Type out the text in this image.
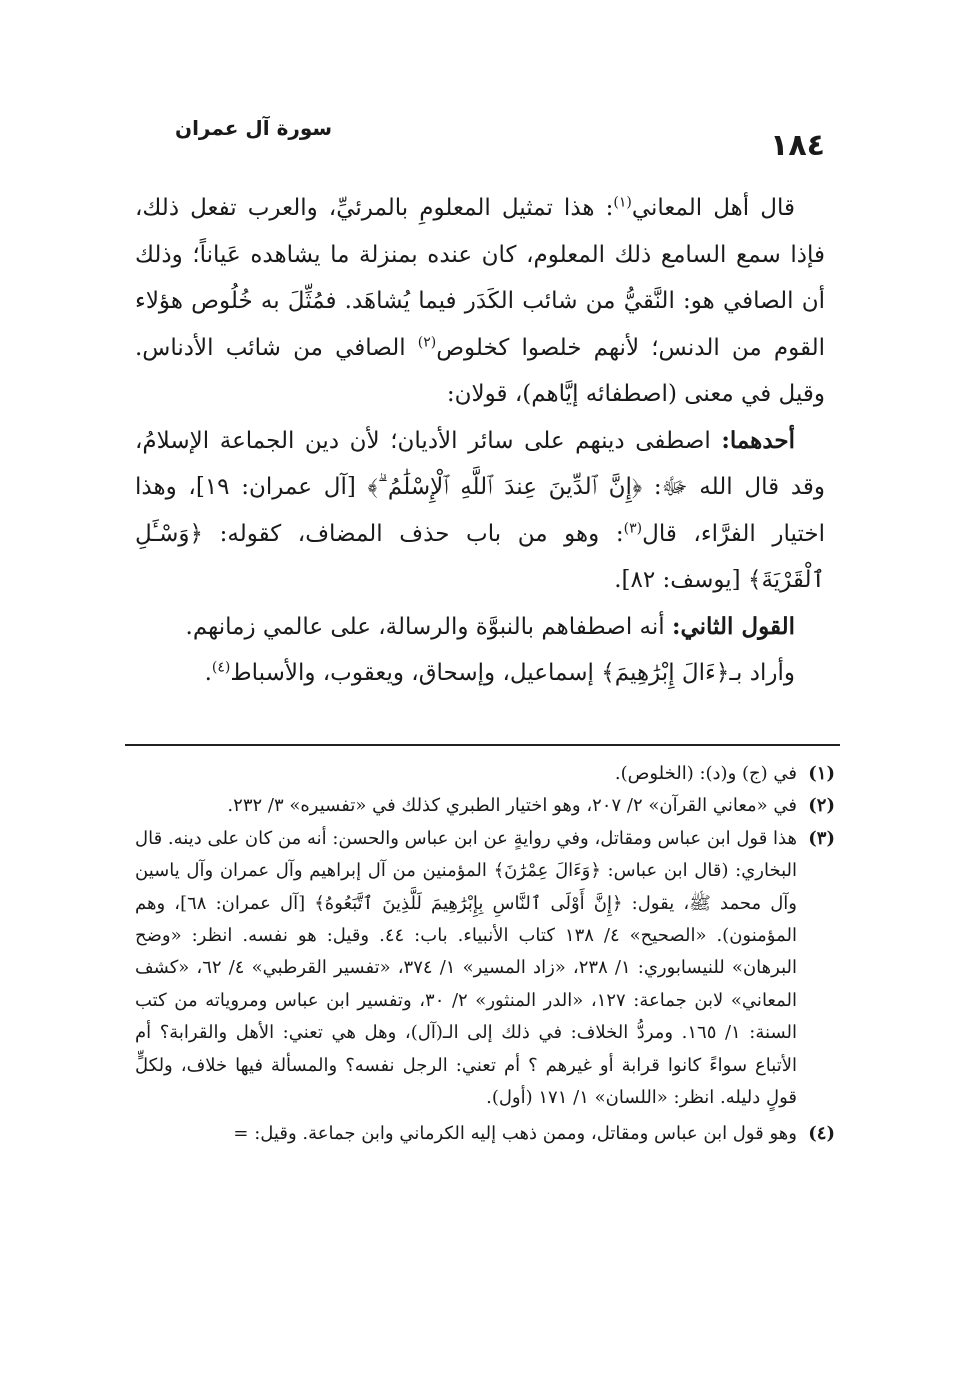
١٨٤
سورة آل عمران

قال أهل المعاني$^{(١)}$: هذا تمثيل المعلومِ بالمرئيِّ، والعرب تفعل ذلك، فإذا سمع السامع ذلك المعلوم، كان عنده بمنزلة ما يشاهده عَياناً؛ وذلك أن الصافي هو: النَّقيُّ من شائب الكَدَر فيما يُشاهَد. فمُثِّلَ به خُلُوص هؤلاء القوم من الدنس؛ لأنهم خلصوا كخلوص$^{(٢)}$ الصافي من شائب الأدناس. وقيل في معنى (اصطفائه إيَّاهم)، قولان:

أحدهما: اصطفى دينهم على سائر الأديان؛ لأن دين الجماعة الإسلامُ، وقد قال الله ﷻ: ﴿إِنَّ ٱلدِّينَ عِندَ ٱللَّهِ ٱلْإِسْلَٰمُ ۗ﴾ [آل عمران: ١٩]، وهذا اختيار الفرَّاء، قال$^{(٣)}$: وهو من باب حذف المضاف، كقوله: ﴿وَسْـَٔلِ ٱلْقَرْيَةَ﴾ [يوسف: ٨٢].

القول الثاني: أنه اصطفاهم بالنبوَّة والرسالة، على عالمي زمانهم.

وأراد بـ﴿ءَالَ إِبْرَٰهِيمَ﴾ إسماعيل، وإسحاق، ويعقوب، والأسباط$^{(٤)}$.

(١)
في (ج) و(د): (الخلوص).
(٢)
في «معاني القرآن» ٢/ ٢٠٧، وهو اختيار الطبري كذلك في «تفسيره» ٣/ ٢٣٢.
(٣)
هذا قول ابن عباس ومقاتل، وفي روايةٍ عن ابن عباس والحسن: أنه من كان على دينه. قال البخاري: (قال ابن عباس: ﴿وَءَالَ عِمْرَٰنَ﴾ المؤمنين من آل إبراهيم وآل عمران وآل ياسين وآل محمد ﷺ، يقول: ﴿إِنَّ أَوْلَى ٱلنَّاسِ بِإِبْرَٰهِيمَ لَلَّذِينَ ٱتَّبَعُوهُ﴾ [آل عمران: ٦٨]، وهم المؤمنون). «الصحيح» ٤/ ١٣٨ كتاب الأنبياء. باب: ٤٤. وقيل: هو نفسه. انظر: «وضح البرهان» للنيسابوري: ١/ ٢٣٨، «زاد المسير» ١/ ٣٧٤، «تفسير القرطبي» ٤/ ٦٢، «كشف المعاني» لابن جماعة: ١٢٧، «الدر المنثور» ٢/ ٣٠، وتفسير ابن عباس ومروياته من كتب السنة: ١/ ١٦٥. ومردُّ الخلاف: في ذلك إلى الـ(آل)، وهل هي تعني: الأهل والقرابة؟ أم الأتباع سواءً كانوا قرابة أو غيرهم ؟ أم تعني: الرجل نفسه؟ والمسألة فيها خلاف، ولكلٍّ قولٍ دليله. انظر: «اللسان» ١/ ١٧١ (أول).
(٤)
وهو قول ابن عباس ومقاتل، وممن ذهب إليه الكرماني وابن جماعة. وقيل: =
